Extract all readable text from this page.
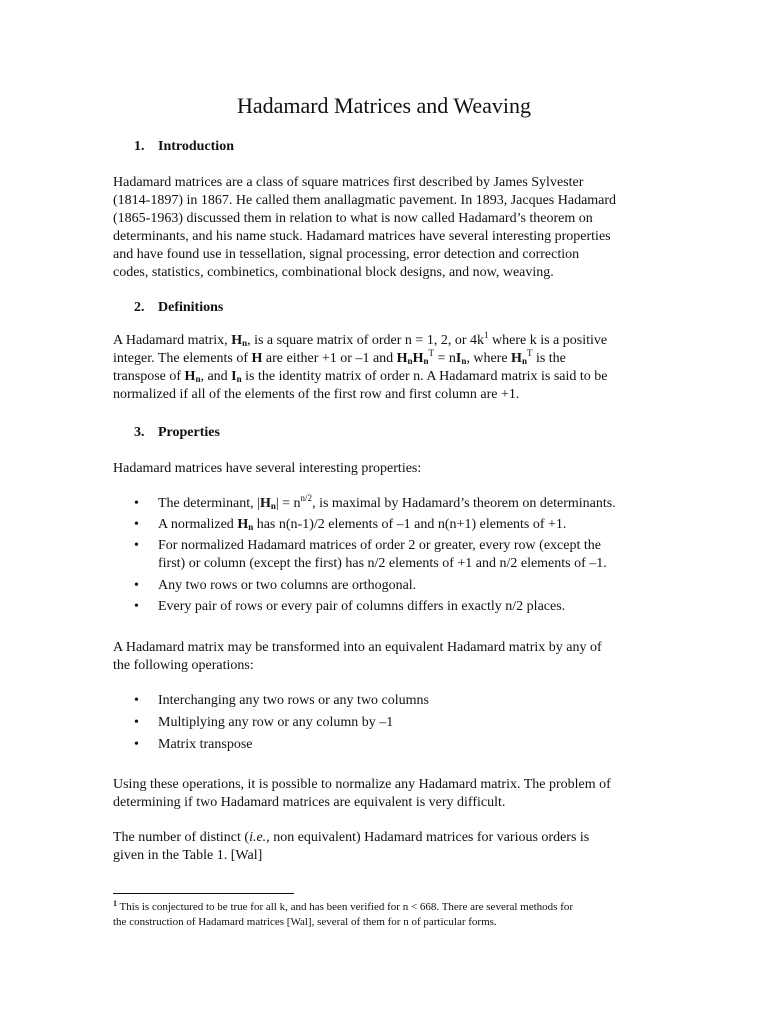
Hadamard Matrices and Weaving
1. Introduction
Hadamard matrices are a class of square matrices first described by James Sylvester
(1814-1897) in 1867. He called them anallagmatic pavement. In 1893, Jacques Hadamard
(1865-1963) discussed them in relation to what is now called Hadamard’s theorem on
determinants, and his name stuck. Hadamard matrices have several interesting properties
and have found use in tessellation, signal processing, error detection and correction
codes, statistics, combinetics, combinational block designs, and now, weaving.
2. Definitions
A Hadamard matrix, $H_n$, is a square matrix of order n = 1, 2, or $4k^1$ where k is a positive
integer. The elements of H are either +1 or –1 and $H_nH_n^T = nI_n$, where $H_n^T$ is the
transpose of $H_n$, and $I_n$ is the identity matrix of order n. A Hadamard matrix is said to be
normalized if all of the elements of the first row and first column are +1.
3. Properties
Hadamard matrices have several interesting properties:
• The determinant, $|H_n| = n^{n/2}$, is maximal by Hadamard’s theorem on determinants.
• A normalized $H_n$ has n(n-1)/2 elements of –1 and n(n+1) elements of +1.
• For normalized Hadamard matrices of order 2 or greater, every row (except the
first) or column (except the first) has n/2 elements of +1 and n/2 elements of –1.
• Any two rows or two columns are orthogonal.
• Every pair of rows or every pair of columns differs in exactly n/2 places.
A Hadamard matrix may be transformed into an equivalent Hadamard matrix by any of
the following operations:
• Interchanging any two rows or any two columns
• Multiplying any row or any column by –1
• Matrix transpose
Using these operations, it is possible to normalize any Hadamard matrix. The problem of
determining if two Hadamard matrices are equivalent is very difficult.
The number of distinct (i.e., non equivalent) Hadamard matrices for various orders is
given in the Table 1. [Wal]
$^1$ This is conjectured to be true for all k, and has been verified for n < 668. There are several methods for
the construction of Hadamard matrices [Wal], several of them for n of particular forms.
